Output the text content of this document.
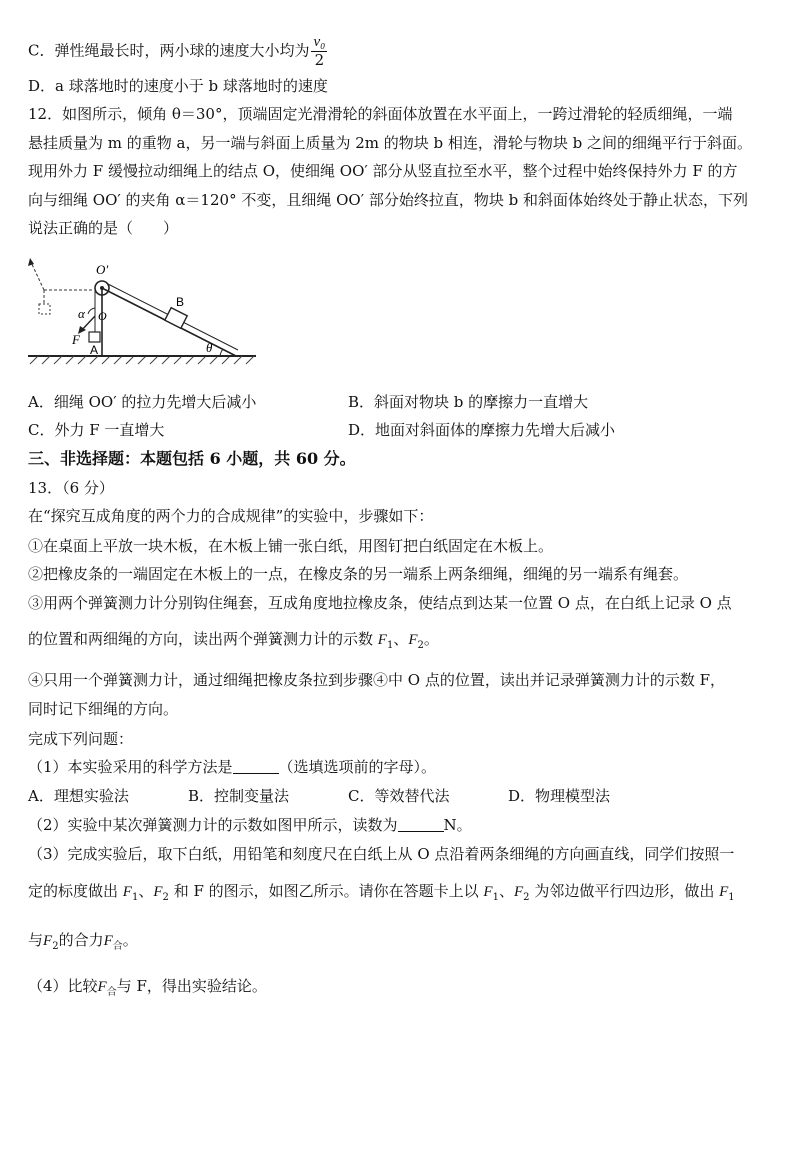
C．弹性绳最长时，两小球的速度大小均为 $\frac{\text{v₀}}{2}$
D．a 球落地时的速度小于 b 球落地时的速度
12．如图所示，倾角 θ＝30°，顶端固定光滑滑轮的斜面体放置在水平面上，一跨过滑轮的轻质细绳，一端
悬挂质量为 m 的重物 a，另一端与斜面上质量为 2m 的物块 b 相连，滑轮与物块 b 之间的细绳平行于斜面。
现用外力 F 缓慢拉动细绳上的结点 O，使细绳 OO′ 部分从竖直拉至水平，整个过程中始终保持外力 F 的方
向与细绳 OO′ 的夹角 α＝120° 不变，且细绳 OO′ 部分始终拉直，物块 b 和斜面体始终处于静止状态，下列
说法正确的是（　　）
O′
O
B
A
F
α
θ
A．细绳 OO′ 的拉力先增大后减小	B．斜面对物块 b 的摩擦力一直增大
C．外力 F 一直增大	D．地面对斜面体的摩擦力先增大后减小
三、非选择题：本题包括 6 小题，共 60 分。
13．（6 分）
在“探究互成角度的两个力的合成规律”的实验中，步骤如下：
①在桌面上平放一块木板，在木板上铺一张白纸，用图钉把白纸固定在木板上。
②把橡皮条的一端固定在木板上的一点，在橡皮条的另一端系上两条细绳，细绳的另一端系有绳套。
③用两个弹簧测力计分别钩住绳套，互成角度地拉橡皮条，使结点到达某一位置 O 点，在白纸上记录 O 点
的位置和两细绳的方向，读出两个弹簧测力计的示数 $F_1$、$F_2$。
④只用一个弹簧测力计，通过细绳把橡皮条拉到步骤④中 O 点的位置，读出并记录弹簧测力计的示数 F，
同时记下细绳的方向。
完成下列问题：
（1）本实验采用的科学方法是	（选填选项前的字母）。
A．理想实验法	B．控制变量法	C．等效替代法	D．物理模型法
（2）实验中某次弹簧测力计的示数如图甲所示，读数为	N。
（3）完成实验后，取下白纸，用铅笔和刻度尺在白纸上从 O 点沿着两条细绳的方向画直线，同学们按照一
定的标度做出 $F_1$、$F_2$ 和 F 的图示，如图乙所示。请你在答题卡上以 $F_1$、$F_2$ 为邻边做平行四边形，做出 $F_1$
与$F_2$的合力$F_合$。
（4）比较$F_合$与 F，得出实验结论。
